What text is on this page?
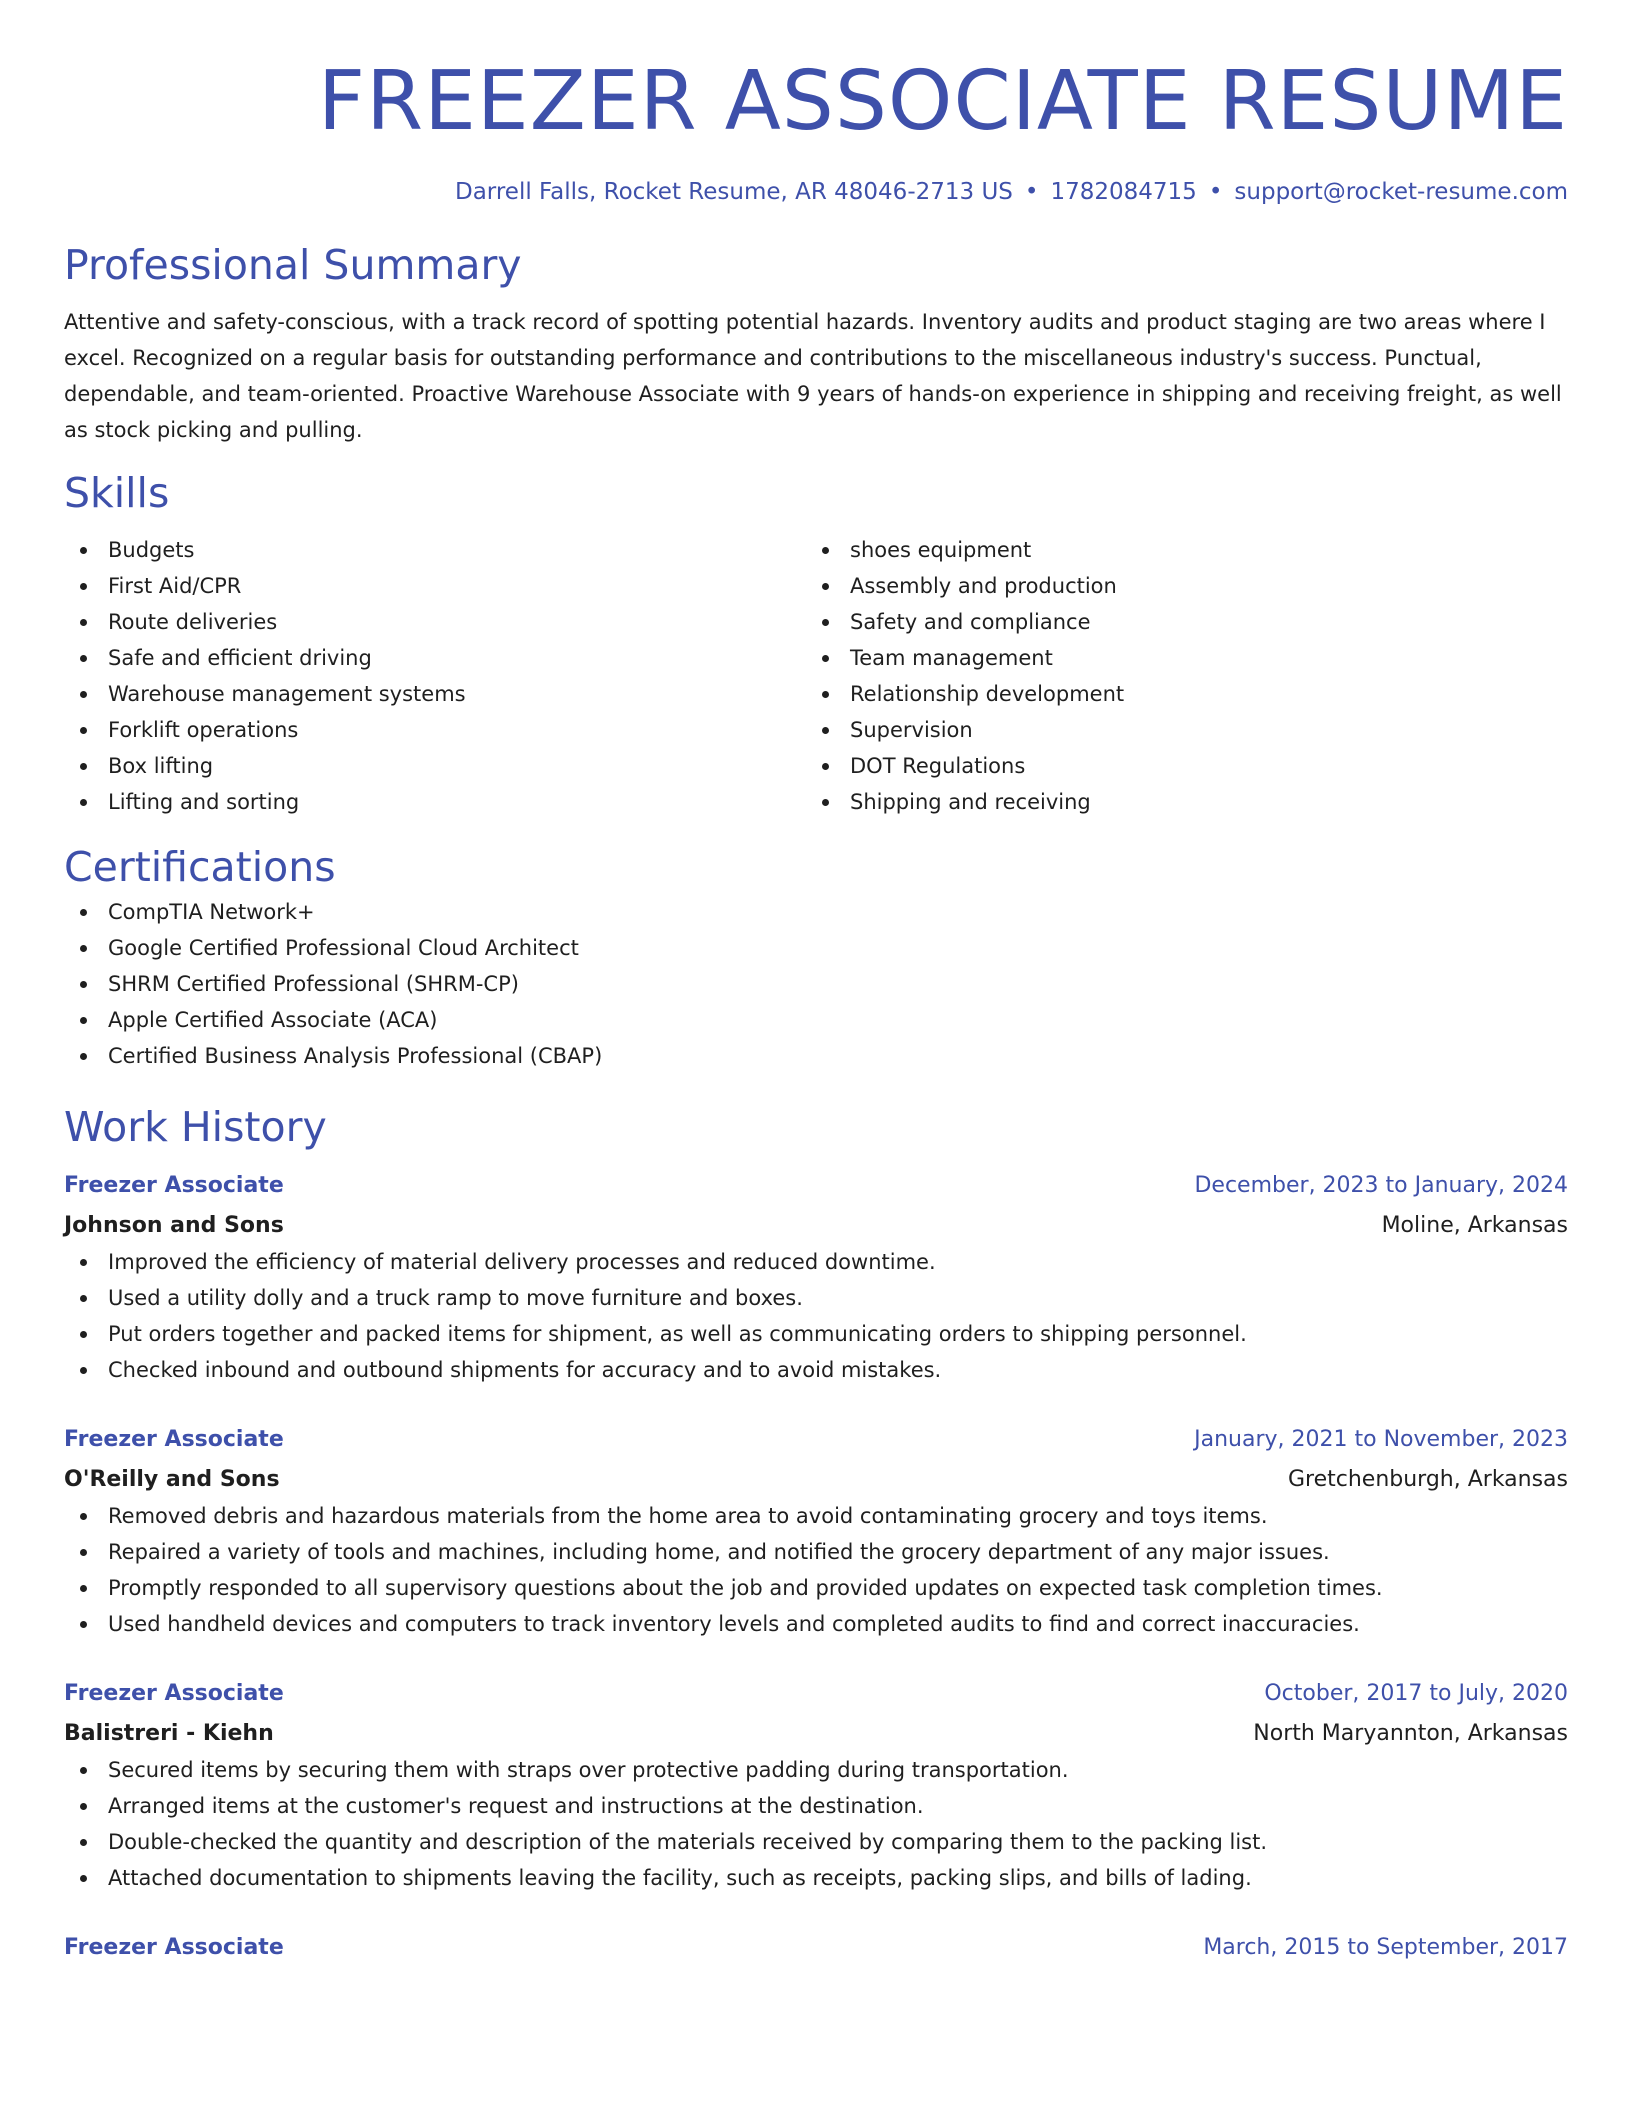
FREEZER ASSOCIATE RESUME
Darrell Falls, Rocket Resume, AR 48046-2713 US • 1782084715 • support@rocket-resume.com
Professional Summary

Attentive and safety-conscious, with a track record of spotting potential hazards. Inventory audits and product staging are two areas where I excel. Recognized on a regular basis for outstanding performance and contributions to the miscellaneous industry's success. Punctual, dependable, and team-oriented. Proactive Warehouse Associate with 9 years of hands-on experience in shipping and receiving freight, as well as stock picking and pulling.

Skills
Budgets
First Aid/CPR
Route deliveries
Safe and efficient driving
Warehouse management systems
Forklift operations
Box lifting
Lifting and sorting
shoes equipment
Assembly and production
Safety and compliance
Team management
Relationship development
Supervision
DOT Regulations
Shipping and receiving
Certifications
CompTIA Network+
Google Certified Professional Cloud Architect
SHRM Certified Professional (SHRM-CP)
Apple Certified Associate (ACA)
Certified Business Analysis Professional (CBAP)
Work History
Freezer Associate	December, 2023 to January, 2024
Johnson and Sons	Moline, Arkansas
Improved the efficiency of material delivery processes and reduced downtime.
Used a utility dolly and a truck ramp to move furniture and boxes.
Put orders together and packed items for shipment, as well as communicating orders to shipping personnel.
Checked inbound and outbound shipments for accuracy and to avoid mistakes.
Freezer Associate	January, 2021 to November, 2023
O'Reilly and Sons	Gretchenburgh, Arkansas
Removed debris and hazardous materials from the home area to avoid contaminating grocery and toys items.
Repaired a variety of tools and machines, including home, and notified the grocery department of any major issues.
Promptly responded to all supervisory questions about the job and provided updates on expected task completion times.
Used handheld devices and computers to track inventory levels and completed audits to find and correct inaccuracies.
Freezer Associate	October, 2017 to July, 2020
Balistreri - Kiehn	North Maryannton, Arkansas
Secured items by securing them with straps over protective padding during transportation.
Arranged items at the customer's request and instructions at the destination.
Double-checked the quantity and description of the materials received by comparing them to the packing list.
Attached documentation to shipments leaving the facility, such as receipts, packing slips, and bills of lading.
Freezer Associate	March, 2015 to September, 2017
